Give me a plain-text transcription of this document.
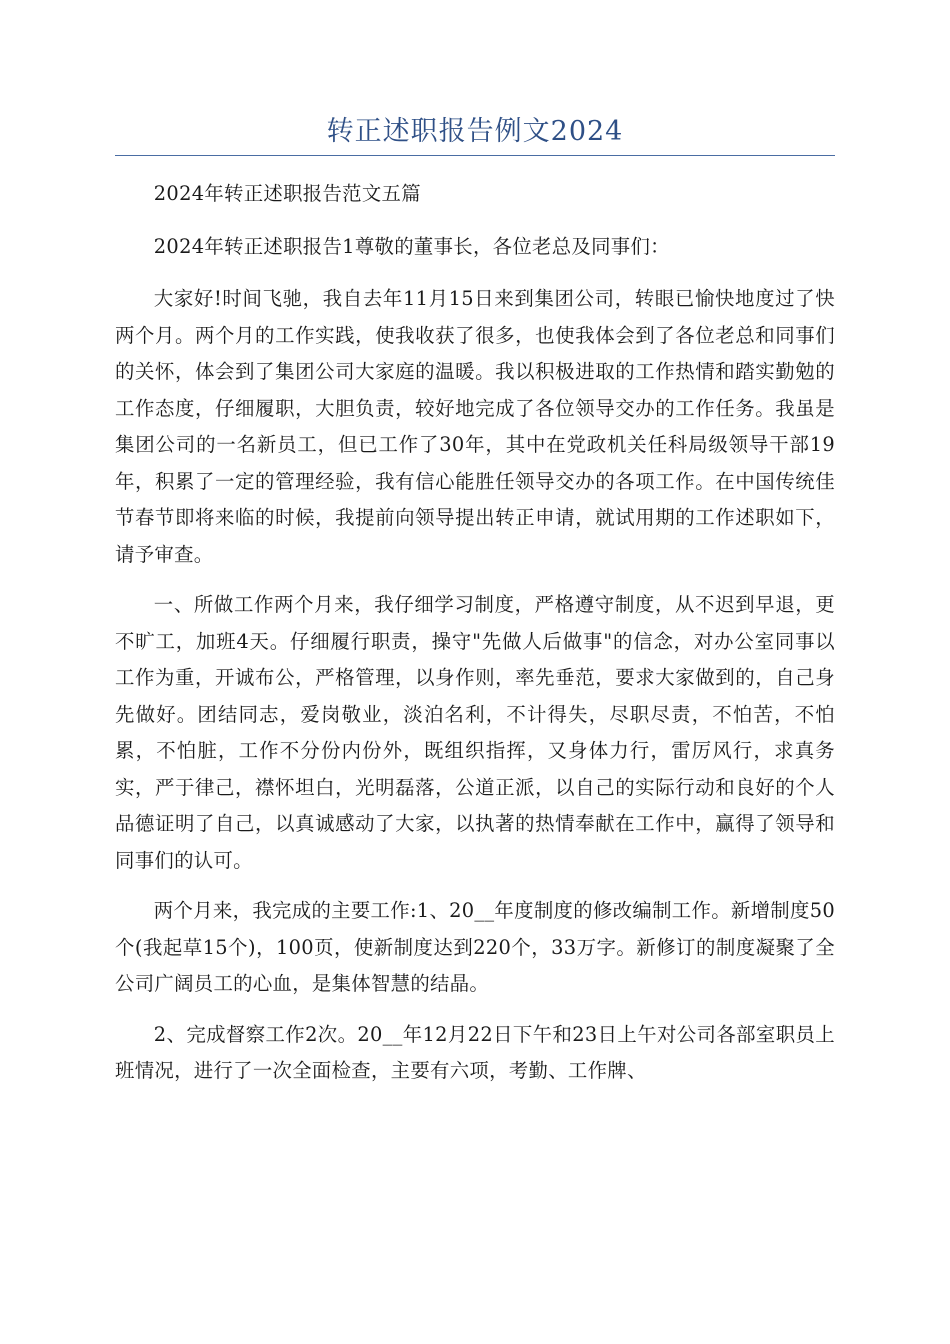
转正述职报告例文2024

2024年转正述职报告范文五篇

2024年转正述职报告1尊敬的董事长，各位老总及同事们：

大家好!时间飞驰，我自去年11月15日来到集团公司，转眼已愉快地度过了快两个月。两个月的工作实践，使我收获了很多，也使我体会到了各位老总和同事们的关怀，体会到了集团公司大家庭的温暖。我以积极进取的工作热情和踏实勤勉的工作态度，仔细履职，大胆负责，较好地完成了各位领导交办的工作任务。我虽是集团公司的一名新员工，但已工作了30年，其中在党政机关任科局级领导干部19年，积累了一定的管理经验，我有信心能胜任领导交办的各项工作。在中国传统佳节春节即将来临的时候，我提前向领导提出转正申请，就试用期的工作述职如下，请予审查。

一、所做工作两个月来，我仔细学习制度，严格遵守制度，从不迟到早退，更不旷工，加班4天。仔细履行职责，操守"先做人后做事"的信念，对办公室同事以工作为重，开诚布公，严格管理，以身作则，率先垂范，要求大家做到的，自己身先做好。团结同志，爱岗敬业，淡泊名利，不计得失，尽职尽责，不怕苦，不怕累，不怕脏，工作不分份内份外，既组织指挥，又身体力行，雷厉风行，求真务实，严于律己，襟怀坦白，光明磊落，公道正派，以自己的实际行动和良好的个人品德证明了自己，以真诚感动了大家，以执著的热情奉献在工作中，赢得了领导和同事们的认可。

两个月来，我完成的主要工作:1、20__年度制度的修改编制工作。新增制度50个(我起草15个)，100页，使新制度达到220个，33万字。新修订的制度凝聚了全公司广阔员工的心血，是集体智慧的结晶。

2、完成督察工作2次。20__年12月22日下午和23日上午对公司各部室职员上班情况，进行了一次全面检查，主要有六项，考勤、工作牌、
